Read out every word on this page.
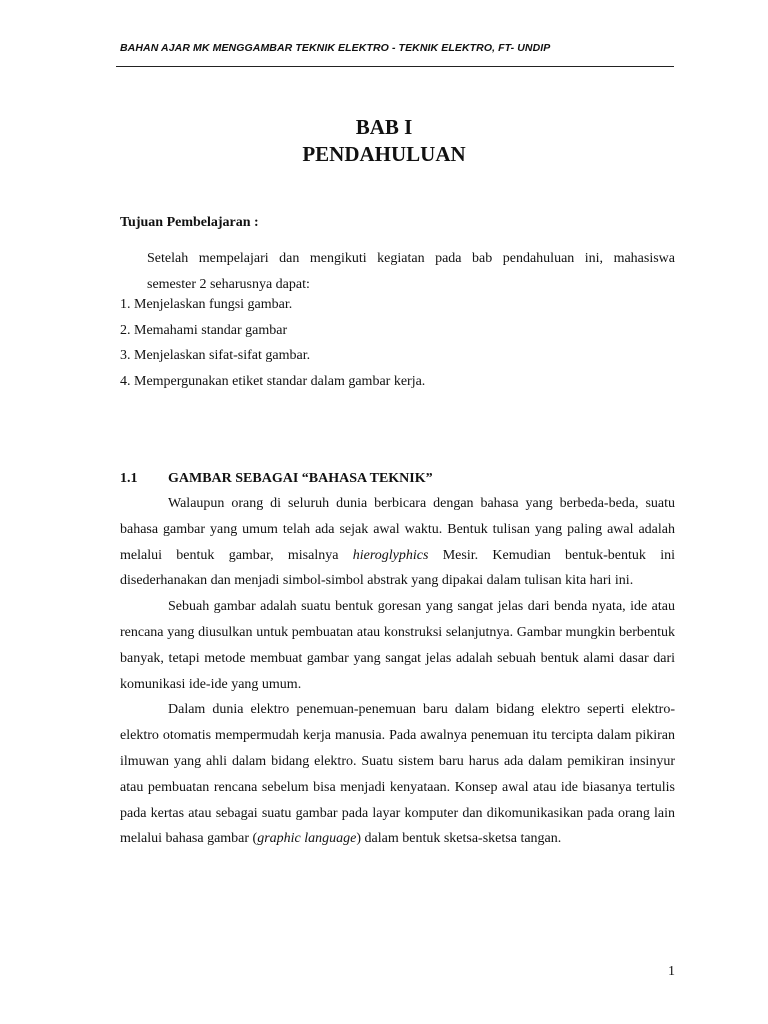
BAHAN AJAR MK MENGGAMBAR TEKNIK ELEKTRO - TEKNIK ELEKTRO, FT- UNDIP
BAB I
PENDAHULUAN
Tujuan Pembelajaran :
Setelah mempelajari dan mengikuti kegiatan pada bab pendahuluan ini, mahasiswa
semester 2 seharusnya dapat:
1. Menjelaskan fungsi gambar.
2. Memahami standar gambar
3. Menjelaskan sifat-sifat gambar.
4. Mempergunakan etiket standar dalam gambar kerja.
1.1 GAMBAR SEBAGAI “BAHASA TEKNIK”

Walaupun orang di seluruh dunia berbicara dengan bahasa yang berbeda-beda, suatu bahasa gambar yang umum telah ada sejak awal waktu. Bentuk tulisan yang paling awal adalah melalui bentuk gambar, misalnya hieroglyphics Mesir. Kemudian bentuk-bentuk ini disederhanakan dan menjadi simbol-simbol abstrak yang dipakai dalam tulisan kita hari ini.

Sebuah gambar adalah suatu bentuk goresan yang sangat jelas dari benda nyata, ide atau rencana yang diusulkan untuk pembuatan atau konstruksi selanjutnya. Gambar mungkin berbentuk banyak, tetapi metode membuat gambar yang sangat jelas adalah sebuah bentuk alami dasar dari komunikasi ide-ide yang umum.

Dalam dunia elektro penemuan-penemuan baru dalam bidang elektro seperti elektro-elektro otomatis mempermudah kerja manusia. Pada awalnya penemuan itu tercipta dalam pikiran ilmuwan yang ahli dalam bidang elektro. Suatu sistem baru harus ada dalam pemikiran insinyur atau pembuatan rencana sebelum bisa menjadi kenyataan. Konsep awal atau ide biasanya tertulis pada kertas atau sebagai suatu gambar pada layar komputer dan dikomunikasikan pada orang lain melalui bahasa gambar (graphic language) dalam bentuk sketsa-sketsa tangan.

1
